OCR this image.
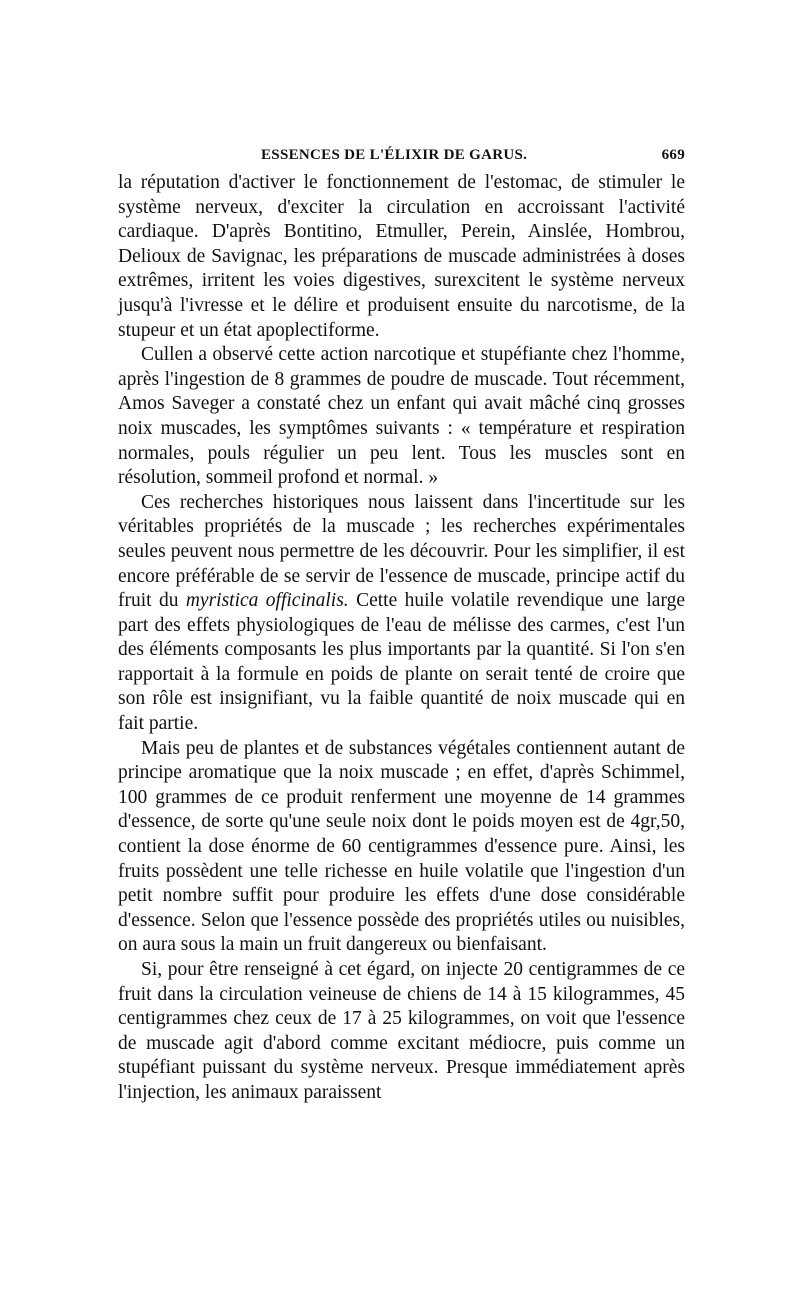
ESSENCES DE L'ÉLIXIR DE GARUS.	669

la réputation d'activer le fonctionnement de l'estomac, de stimuler le système nerveux, d'exciter la circulation en accroissant l'activité cardiaque. D'après Bontitino, Etmuller, Perein, Ainslée, Hombrou, Delioux de Savignac, les préparations de muscade administrées à doses extrêmes, irritent les voies digestives, surexcitent le système nerveux jusqu'à l'ivresse et le délire et produisent ensuite du narcotisme, de la stupeur et un état apoplectiforme.

Cullen a observé cette action narcotique et stupéfiante chez l'homme, après l'ingestion de 8 grammes de poudre de muscade. Tout récemment, Amos Saveger a constaté chez un enfant qui avait mâché cinq grosses noix muscades, les symptômes suivants : « température et respiration normales, pouls régulier un peu lent. Tous les muscles sont en résolution, sommeil profond et normal. »

Ces recherches historiques nous laissent dans l'incertitude sur les véritables propriétés de la muscade ; les recherches expérimentales seules peuvent nous permettre de les découvrir. Pour les simplifier, il est encore préférable de se servir de l'essence de muscade, principe actif du fruit du myristica officinalis. Cette huile volatile revendique une large part des effets physiologiques de l'eau de mélisse des carmes, c'est l'un des éléments composants les plus importants par la quantité. Si l'on s'en rapportait à la formule en poids de plante on serait tenté de croire que son rôle est insignifiant, vu la faible quantité de noix muscade qui en fait partie.

Mais peu de plantes et de substances végétales contiennent autant de principe aromatique que la noix muscade ; en effet, d'après Schimmel, 100 grammes de ce produit renferment une moyenne de 14 grammes d'essence, de sorte qu'une seule noix dont le poids moyen est de 4gr,50, contient la dose énorme de 60 centigrammes d'essence pure. Ainsi, les fruits possèdent une telle richesse en huile volatile que l'ingestion d'un petit nombre suffit pour produire les effets d'une dose considérable d'essence. Selon que l'essence possède des propriétés utiles ou nuisibles, on aura sous la main un fruit dangereux ou bienfaisant.

Si, pour être renseigné à cet égard, on injecte 20 centigrammes de ce fruit dans la circulation veineuse de chiens de 14 à 15 kilogrammes, 45 centigrammes chez ceux de 17 à 25 kilogrammes, on voit que l'essence de muscade agit d'abord comme excitant médiocre, puis comme un stupéfiant puissant du système nerveux. Presque immédiatement après l'injection, les animaux paraissent
